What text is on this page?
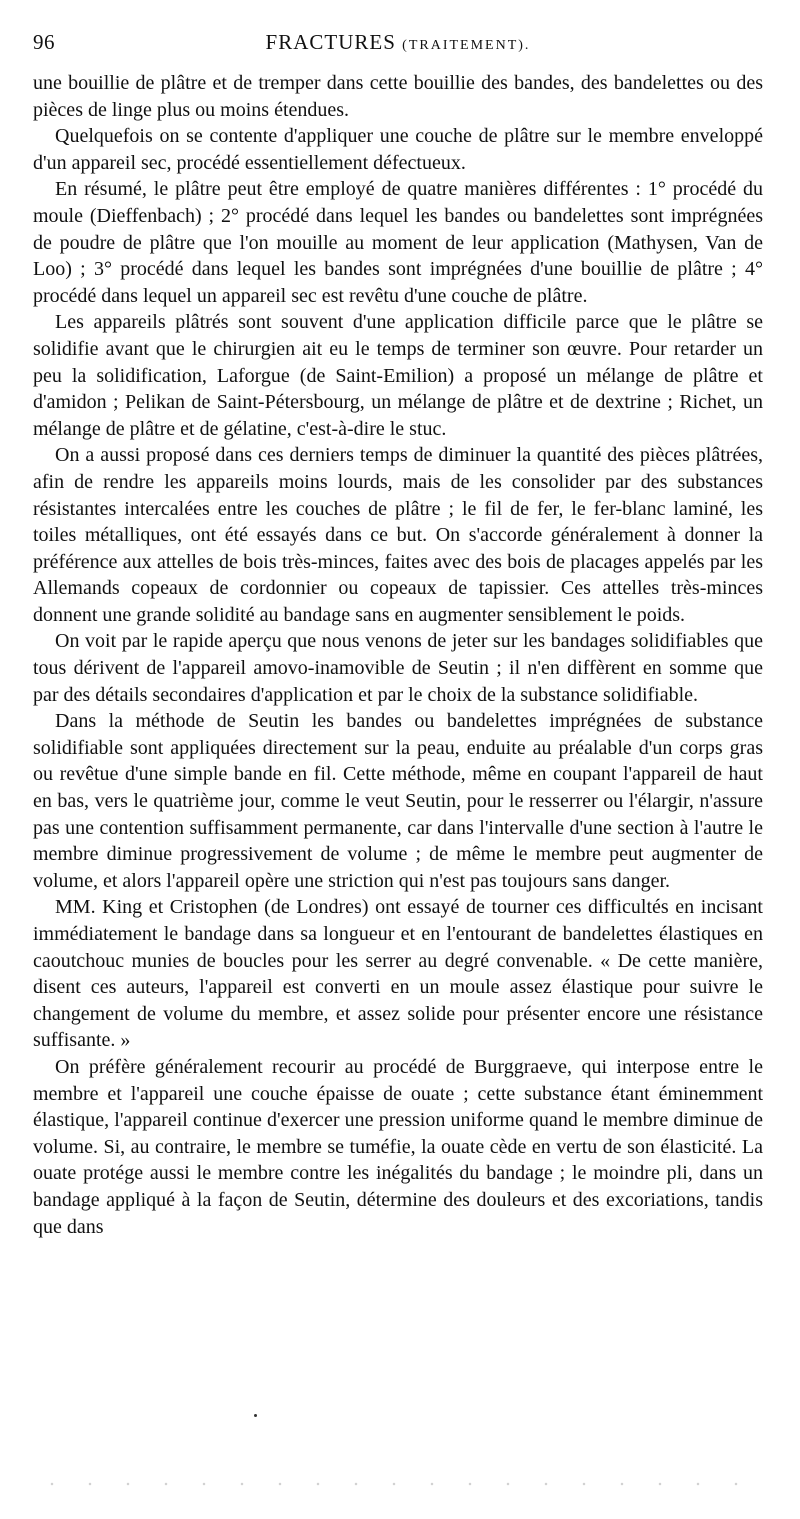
96	FRACTURES (TRAITEMENT).

une bouillie de plâtre et de tremper dans cette bouillie des bandes, des bandelettes ou des pièces de linge plus ou moins étendues.

Quelquefois on se contente d'appliquer une couche de plâtre sur le membre enveloppé d'un appareil sec, procédé essentiellement défectueux.

En résumé, le plâtre peut être employé de quatre manières différentes : 1° procédé du moule (Dieffenbach) ; 2° procédé dans lequel les bandes ou bandelettes sont imprégnées de poudre de plâtre que l'on mouille au moment de leur application (Mathysen, Van de Loo) ; 3° procédé dans lequel les bandes sont imprégnées d'une bouillie de plâtre ; 4° procédé dans lequel un appareil sec est revêtu d'une couche de plâtre.

Les appareils plâtrés sont souvent d'une application difficile parce que le plâtre se solidifie avant que le chirurgien ait eu le temps de terminer son œuvre. Pour retarder un peu la solidification, Laforgue (de Saint-Emilion) a proposé un mélange de plâtre et d'amidon ; Pelikan de Saint-Pétersbourg, un mélange de plâtre et de dextrine ; Richet, un mélange de plâtre et de gélatine, c'est-à-dire le stuc.

On a aussi proposé dans ces derniers temps de diminuer la quantité des pièces plâtrées, afin de rendre les appareils moins lourds, mais de les consolider par des substances résistantes intercalées entre les couches de plâtre ; le fil de fer, le fer-blanc laminé, les toiles métalliques, ont été essayés dans ce but. On s'accorde généralement à donner la préférence aux attelles de bois très-minces, faites avec des bois de placages appelés par les Allemands copeaux de cordonnier ou copeaux de tapissier. Ces attelles très-minces donnent une grande solidité au bandage sans en augmenter sensiblement le poids.

On voit par le rapide aperçu que nous venons de jeter sur les bandages solidifiables que tous dérivent de l'appareil amovo-inamovible de Seutin ; il n'en diffèrent en somme que par des détails secondaires d'application et par le choix de la substance solidifiable.

Dans la méthode de Seutin les bandes ou bandelettes imprégnées de substance solidifiable sont appliquées directement sur la peau, enduite au préalable d'un corps gras ou revêtue d'une simple bande en fil. Cette méthode, même en coupant l'appareil de haut en bas, vers le quatrième jour, comme le veut Seutin, pour le resserrer ou l'élargir, n'assure pas une contention suffisamment permanente, car dans l'intervalle d'une section à l'autre le membre diminue progressivement de volume ; de même le membre peut augmenter de volume, et alors l'appareil opère une striction qui n'est pas toujours sans danger.

MM. King et Cristophen (de Londres) ont essayé de tourner ces difficultés en incisant immédiatement le bandage dans sa longueur et en l'entourant de bandelettes élastiques en caoutchouc munies de boucles pour les serrer au degré convenable. « De cette manière, disent ces auteurs, l'appareil est converti en un moule assez élastique pour suivre le changement de volume du membre, et assez solide pour présenter encore une résistance suffisante. »

On préfère généralement recourir au procédé de Burggraeve, qui interpose entre le membre et l'appareil une couche épaisse de ouate ; cette substance étant éminemment élastique, l'appareil continue d'exercer une pression uniforme quand le membre diminue de volume. Si, au contraire, le membre se tuméfie, la ouate cède en vertu de son élasticité. La ouate protége aussi le membre contre les inégalités du bandage ; le moindre pli, dans un bandage appliqué à la façon de Seutin, détermine des douleurs et des excoriations, tandis que dans
